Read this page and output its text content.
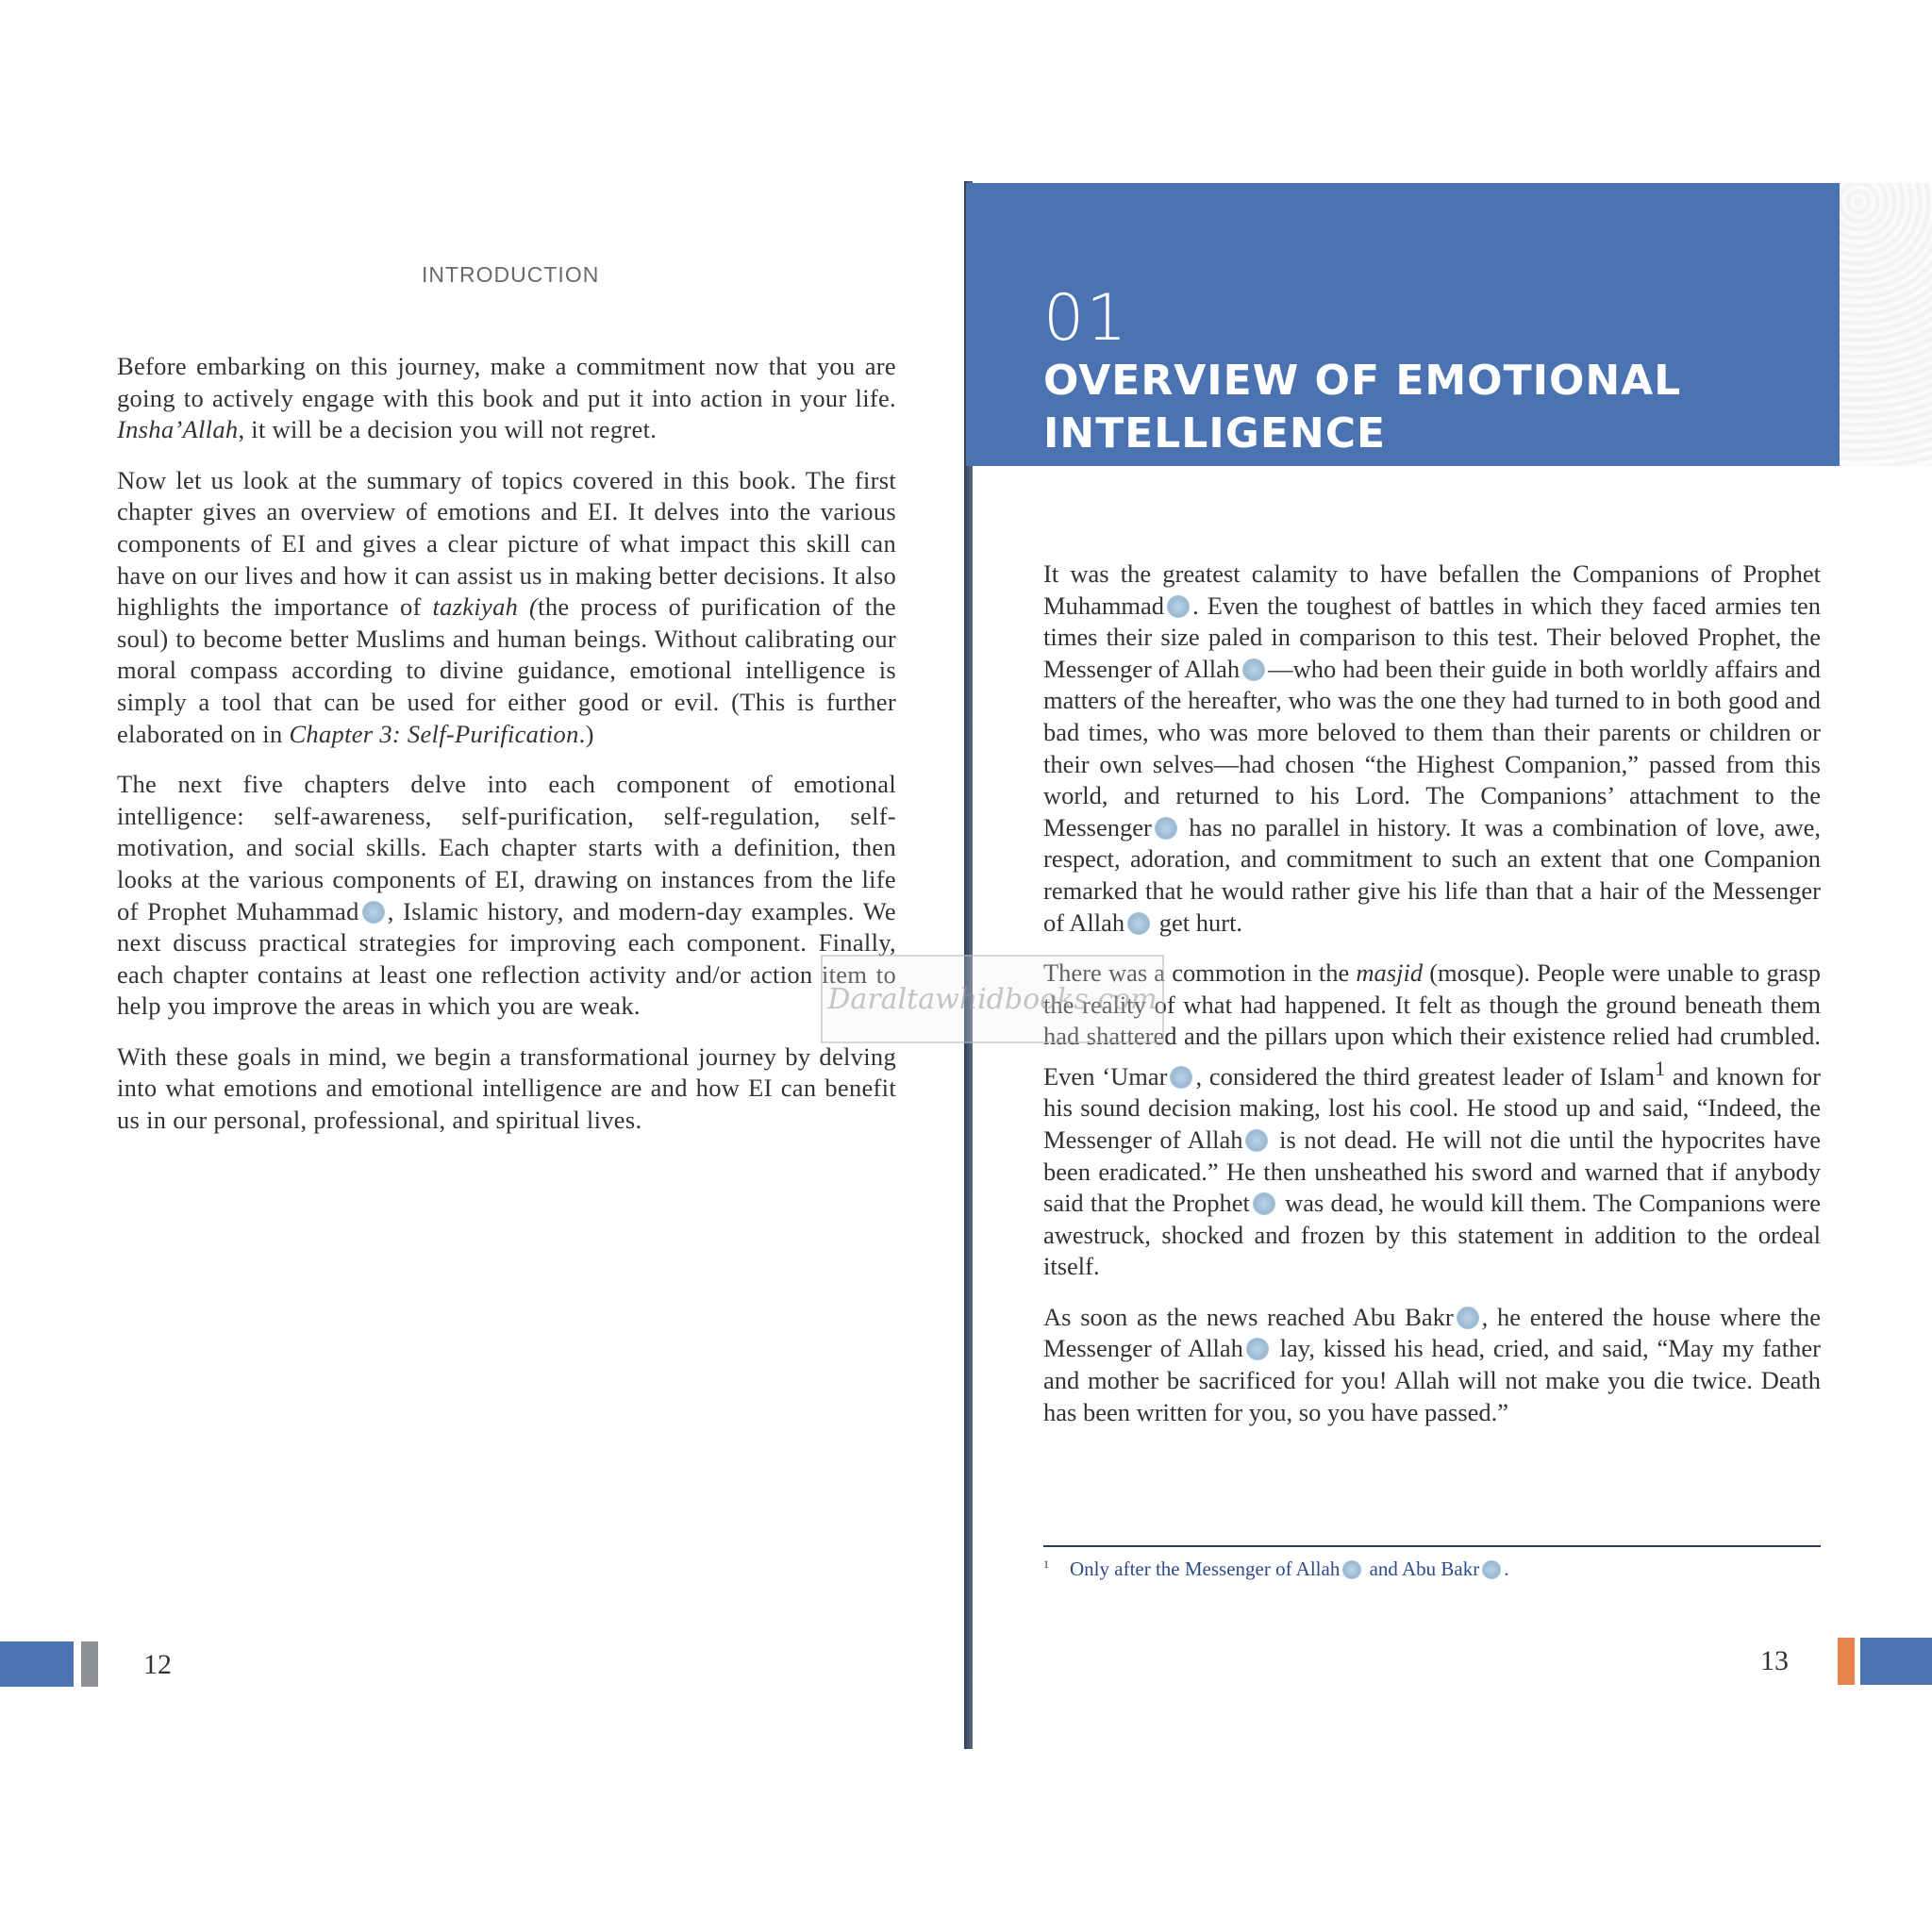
INTRODUCTION

Before embarking on this journey, make a commitment now that you are going to actively engage with this book and put it into action in your life. Insha’Allah, it will be a decision you will not regret.

Now let us look at the summary of topics covered in this book. The first chapter gives an overview of emotions and EI. It delves into the various components of EI and gives a clear picture of what impact this skill can have on our lives and how it can assist us in making better decisions. It also highlights the importance of tazkiyah (the process of purification of the soul) to become better Muslims and human beings. Without calibrating our moral compass according to divine guidance, emotional intelligence is simply a tool that can be used for either good or evil. (This is further elaborated on in Chapter 3: Self-Purification.)

The next five chapters delve into each component of emotional intelligence: self-awareness, self-purification, self-regulation, self-motivation, and social skills. Each chapter starts with a definition, then looks at the various components of EI, drawing on instances from the life of Prophet Muhammad , Islamic history, and modern-day examples. We next discuss practical strategies for improving each component. Finally, each chapter contains at least one reflection activity and/or action item to help you improve the areas in which you are weak.

With these goals in mind, we begin a transformational journey by delving into what emotions and emotional intelligence are and how EI can benefit us in our personal, professional, and spiritual lives.

12
01
OVERVIEW OF EMOTIONAL INTELLIGENCE

It was the greatest calamity to have befallen the Companions of Prophet Muhammad . Even the toughest of battles in which they faced armies ten times their size paled in comparison to this test. Their beloved Prophet, the Messenger of Allah —who had been their guide in both worldly affairs and matters of the hereafter, who was the one they had turned to in both good and bad times, who was more beloved to them than their parents or children or their own selves—had chosen “the Highest Companion,” passed from this world, and returned to his Lord. The Companions’ attachment to the Messenger has no parallel in history. It was a combination of love, awe, respect, adoration, and commitment to such an extent that one Companion remarked that he would rather give his life than that a hair of the Messenger of Allah get hurt.

There was a commotion in the masjid (mosque). People were unable to grasp the reality of what had happened. It felt as though the ground beneath them had shattered and the pillars upon which their existence relied had crumbled. Even ‘Umar , considered the third greatest leader of Islam$^1$ and known for his sound decision making, lost his cool. He stood up and said, “Indeed, the Messenger of Allah is not dead. He will not die until the hypocrites have been eradicated.” He then unsheathed his sword and warned that if anybody said that the Prophet was dead, he would kill them. The Companions were awestruck, shocked and frozen by this statement in addition to the ordeal itself.

As soon as the news reached Abu Bakr , he entered the house where the Messenger of Allah lay, kissed his head, cried, and said, “May my father and mother be sacrificed for you! Allah will not make you die twice. Death has been written for you, so you have passed.”

$^1$ Only after the Messenger of Allah and Abu Bakr .
13
Daraltawhidbooks.com
